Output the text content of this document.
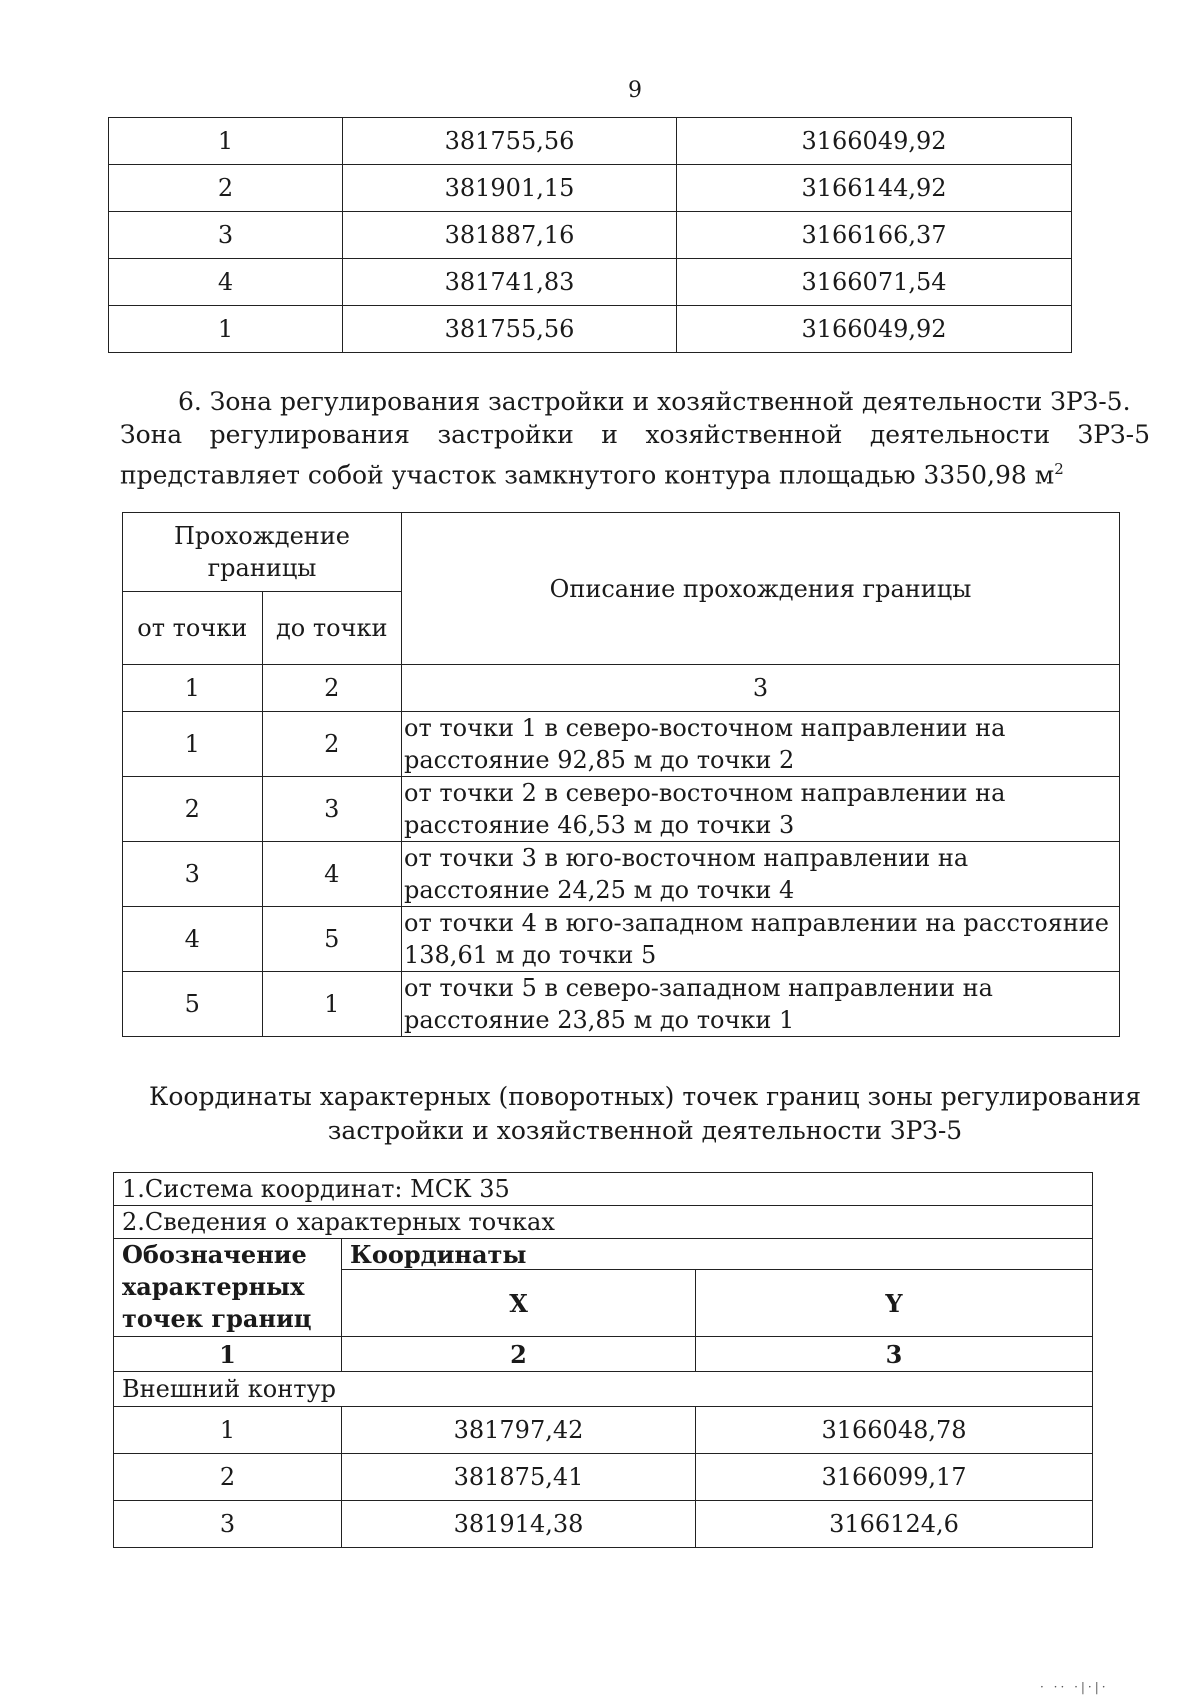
9
1	381755,56	3166049,92
2	381901,15	3166144,92
3	381887,16	3166166,37
4	381741,83	3166071,54
1	381755,56	3166049,92
6. Зона регулирования застройки и хозяйственной деятельности ЗРЗ-5.
Зона регулирования застройки и хозяйственной деятельности ЗРЗ-5 представляет собой участок замкнутого контура площадью 3350,98 $м^2$
Прохождение границы		Описание прохождения границы
от точки	до точки	
1	2	3
1	2	от точки 1 в северо-восточном направлении на расстояние 92,85 м до точки 2
2	3	от точки 2 в северо-восточном направлении на расстояние 46,53 м до точки 3
3	4	от точки 3 в юго-восточном направлении на расстояние 24,25 м до точки 4
4	5	от точки 4 в юго-западном направлении на расстояние 138,61 м до точки 5
5	1	от точки 5 в северо-западном направлении на расстояние 23,85 м до точки 1
Координаты характерных (поворотных) точек границ зоны регулирования
застройки и хозяйственной деятельности ЗРЗ-5
1.Система координат: МСК 35		
2.Сведения о характерных точках		
Обозначение характерных точек границ	Координаты	
	X	Y
1	2	3
Внешний контур		
1	381797,42	3166048,78
2	381875,41	3166099,17
3	381914,38	3166124,6
· ·· ·|·|·
